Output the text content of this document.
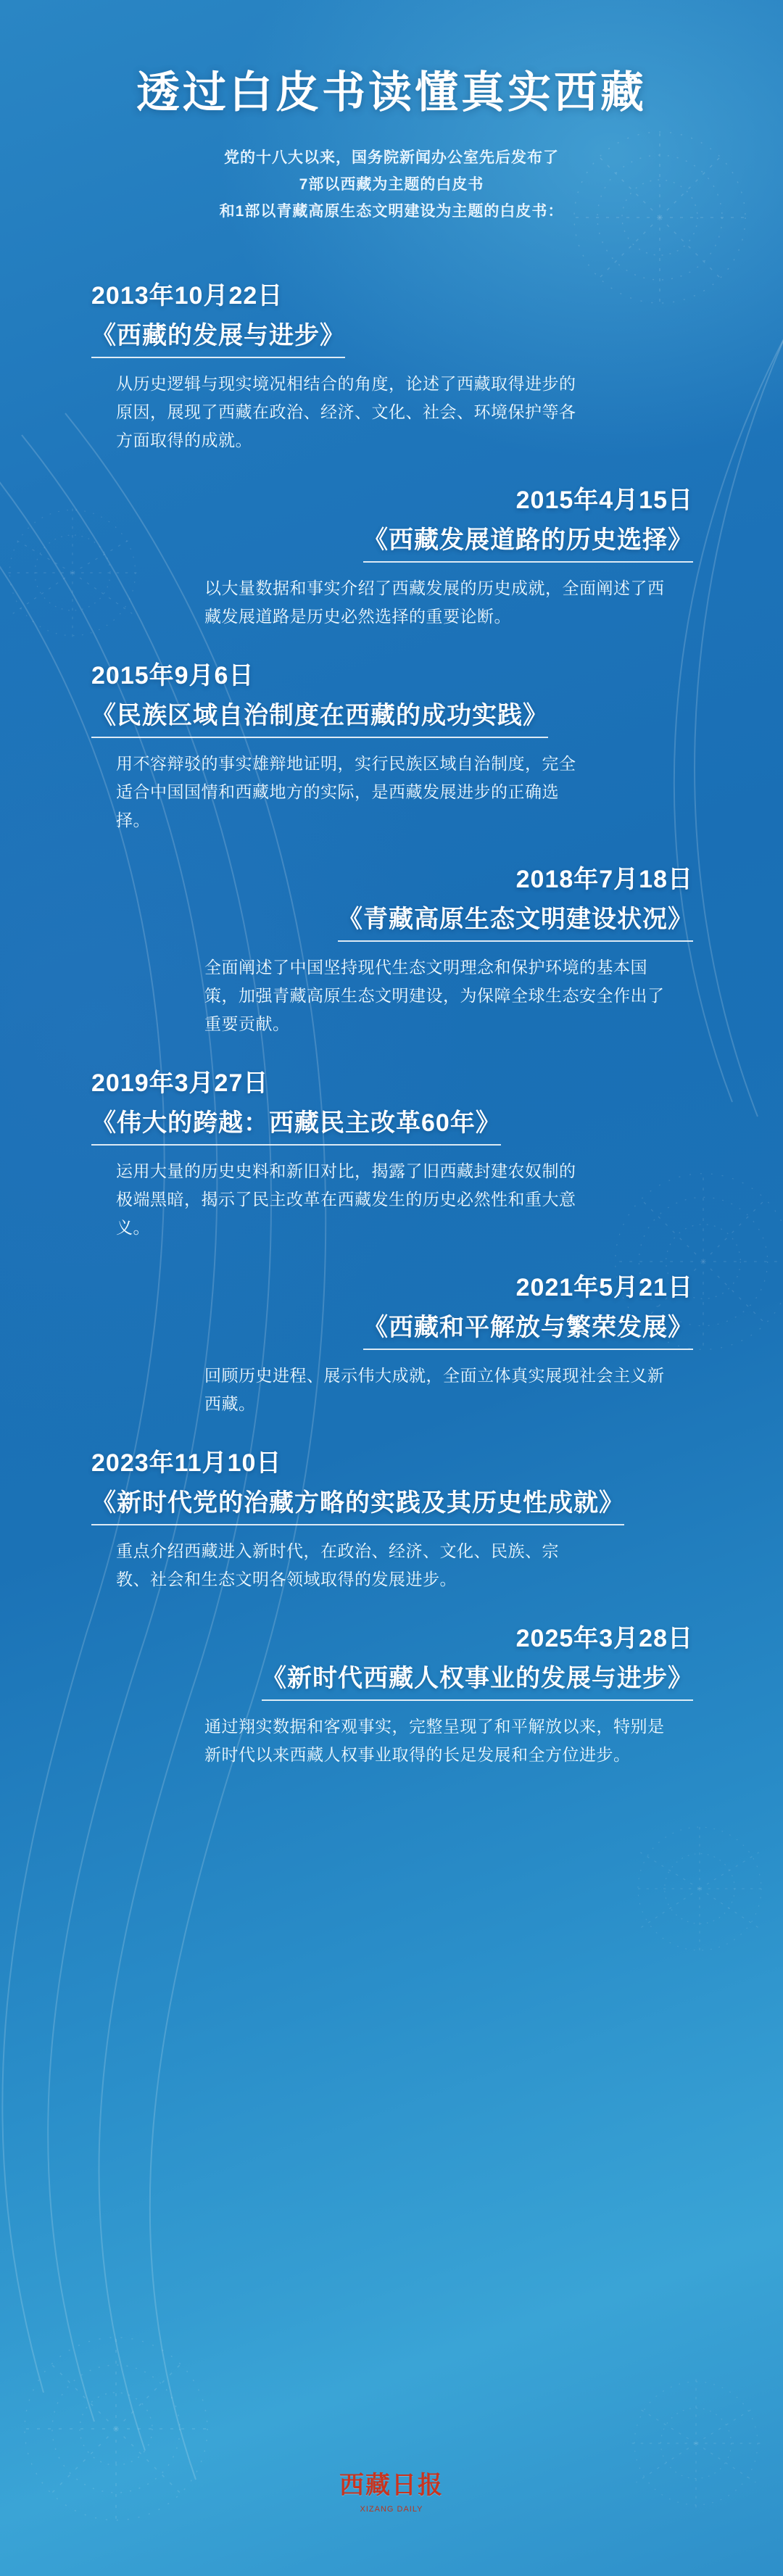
透过白皮书读懂真实西藏
党的十八大以来，国务院新闻办公室先后发布了
7部以西藏为主题的白皮书
和1部以青藏高原生态文明建设为主题的白皮书：
2013年10月22日
《西藏的发展与进步》
从历史逻辑与现实境况相结合的角度，论述了西藏取得进步的原因，展现了西藏在政治、经济、文化、社会、环境保护等各方面取得的成就。
2015年4月15日
《西藏发展道路的历史选择》
以大量数据和事实介绍了西藏发展的历史成就，全面阐述了西藏发展道路是历史必然选择的重要论断。
2015年9月6日
《民族区域自治制度在西藏的成功实践》
用不容辩驳的事实雄辩地证明，实行民族区域自治制度，完全适合中国国情和西藏地方的实际，是西藏发展进步的正确选择。
2018年7月18日
《青藏高原生态文明建设状况》
全面阐述了中国坚持现代生态文明理念和保护环境的基本国策，加强青藏高原生态文明建设，为保障全球生态安全作出了重要贡献。
2019年3月27日
《伟大的跨越：西藏民主改革60年》
运用大量的历史史料和新旧对比，揭露了旧西藏封建农奴制的极端黑暗，揭示了民主改革在西藏发生的历史必然性和重大意义。
2021年5月21日
《西藏和平解放与繁荣发展》
回顾历史进程、展示伟大成就，全面立体真实展现社会主义新西藏。
2023年11月10日
《新时代党的治藏方略的实践及其历史性成就》
重点介绍西藏进入新时代，在政治、经济、文化、民族、宗教、社会和生态文明各领域取得的发展进步。
2025年3月28日
《新时代西藏人权事业的发展与进步》
通过翔实数据和客观事实，完整呈现了和平解放以来，特别是新时代以来西藏人权事业取得的长足发展和全方位进步。
西藏日报
XIZANG DAILY
